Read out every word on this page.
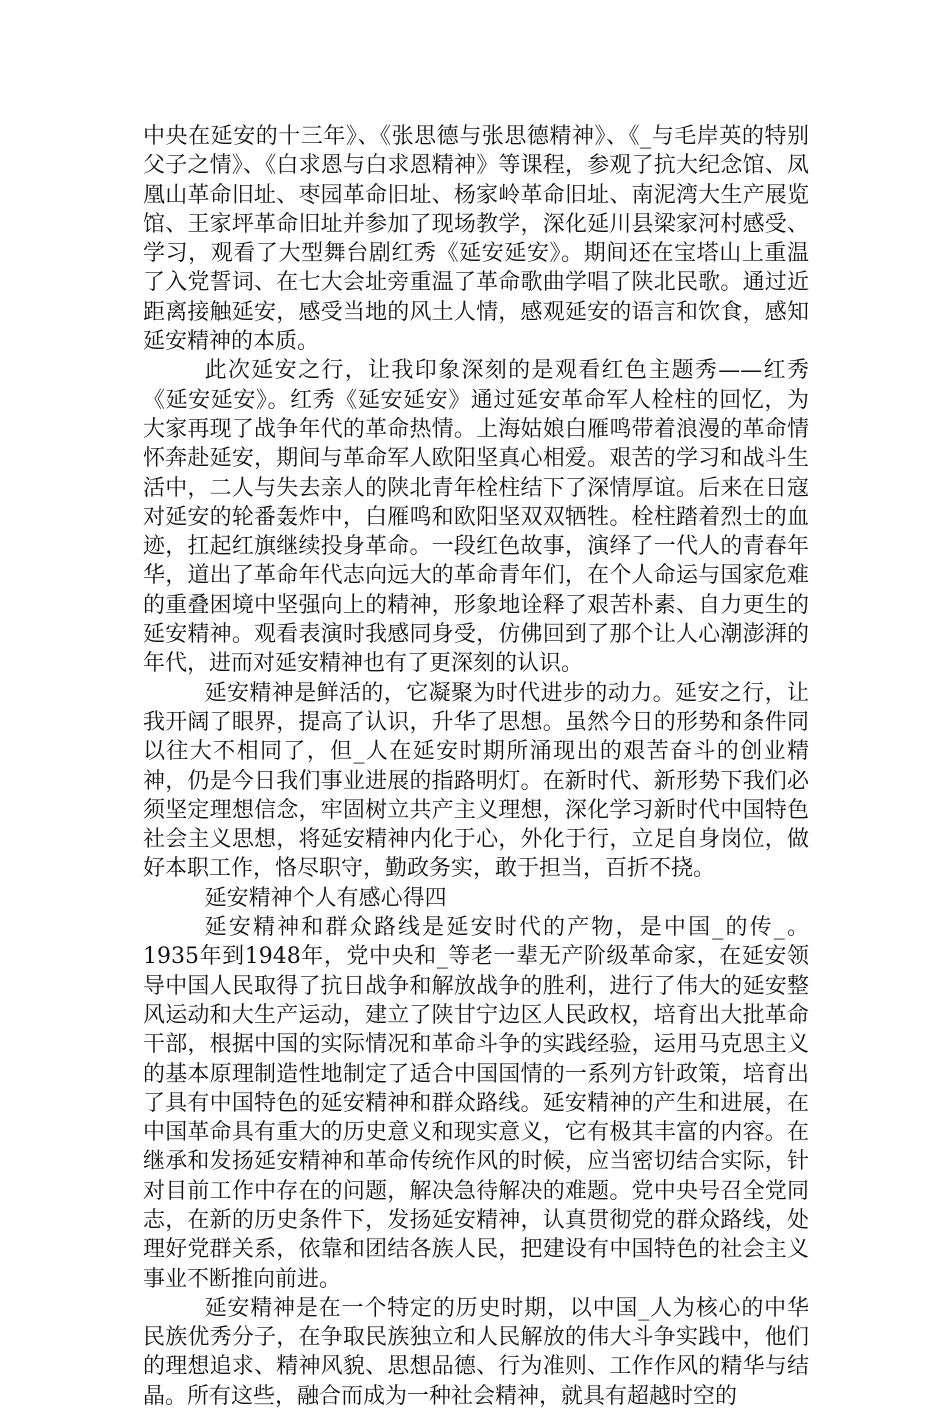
中央在延安的十三年》、《张思德与张思德精神》、《_与毛岸英的特别父子之情》、《白求恩与白求恩精神》等课程，参观了抗大纪念馆、凤凰山革命旧址、枣园革命旧址、杨家岭革命旧址、南泥湾大生产展览馆、王家坪革命旧址并参加了现场教学，深化延川县梁家河村感受、学习，观看了大型舞台剧红秀《延安延安》。期间还在宝塔山上重温了入党誓词、在七大会址旁重温了革命歌曲学唱了陕北民歌。通过近距离接触延安，感受当地的风土人情，感观延安的语言和饮食，感知延安精神的本质。

此次延安之行，让我印象深刻的是观看红色主题秀——红秀《延安延安》。红秀《延安延安》通过延安革命军人栓柱的回忆，为大家再现了战争年代的革命热情。上海姑娘白雁鸣带着浪漫的革命情怀奔赴延安，期间与革命军人欧阳坚真心相爱。艰苦的学习和战斗生活中，二人与失去亲人的陕北青年栓柱结下了深情厚谊。后来在日寇对延安的轮番轰炸中，白雁鸣和欧阳坚双双牺牲。栓柱踏着烈士的血迹，扛起红旗继续投身革命。一段红色故事，演绎了一代人的青春年华，道出了革命年代志向远大的革命青年们，在个人命运与国家危难的重叠困境中坚强向上的精神，形象地诠释了艰苦朴素、自力更生的延安精神。观看表演时我感同身受，仿佛回到了那个让人心潮澎湃的年代，进而对延安精神也有了更深刻的认识。

延安精神是鲜活的，它凝聚为时代进步的动力。延安之行，让我开阔了眼界，提高了认识，升华了思想。虽然今日的形势和条件同以往大不相同了，但_人在延安时期所涌现出的艰苦奋斗的创业精神，仍是今日我们事业进展的指路明灯。在新时代、新形势下我们必须坚定理想信念，牢固树立共产主义理想，深化学习新时代中国特色社会主义思想，将延安精神内化于心，外化于行，立足自身岗位，做好本职工作，恪尽职守，勤政务实，敢于担当，百折不挠。

延安精神个人有感心得四

延安精神和群众路线是延安时代的产物，是中国_的传_。1935年到1948年，党中央和_等老一辈无产阶级革命家，在延安领导中国人民取得了抗日战争和解放战争的胜利，进行了伟大的延安整风运动和大生产运动，建立了陕甘宁边区人民政权，培育出大批革命干部，根据中国的实际情况和革命斗争的实践经验，运用马克思主义的基本原理制造性地制定了适合中国国情的一系列方针政策，培育出了具有中国特色的延安精神和群众路线。延安精神的产生和进展，在中国革命具有重大的历史意义和现实意义，它有极其丰富的内容。在继承和发扬延安精神和革命传统作风的时候，应当密切结合实际，针对目前工作中存在的问题，解决急待解决的难题。党中央号召全党同志，在新的历史条件下，发扬延安精神，认真贯彻党的群众路线，处理好党群关系，依靠和团结各族人民，把建设有中国特色的社会主义事业不断推向前进。

延安精神是在一个特定的历史时期，以中国_人为核心的中华民族优秀分子，在争取民族独立和人民解放的伟大斗争实践中，他们的理想追求、精神风貌、思想品德、行为准则、工作作风的精华与结晶。所有这些，融合而成为一种社会精神，就具有超越时空的
